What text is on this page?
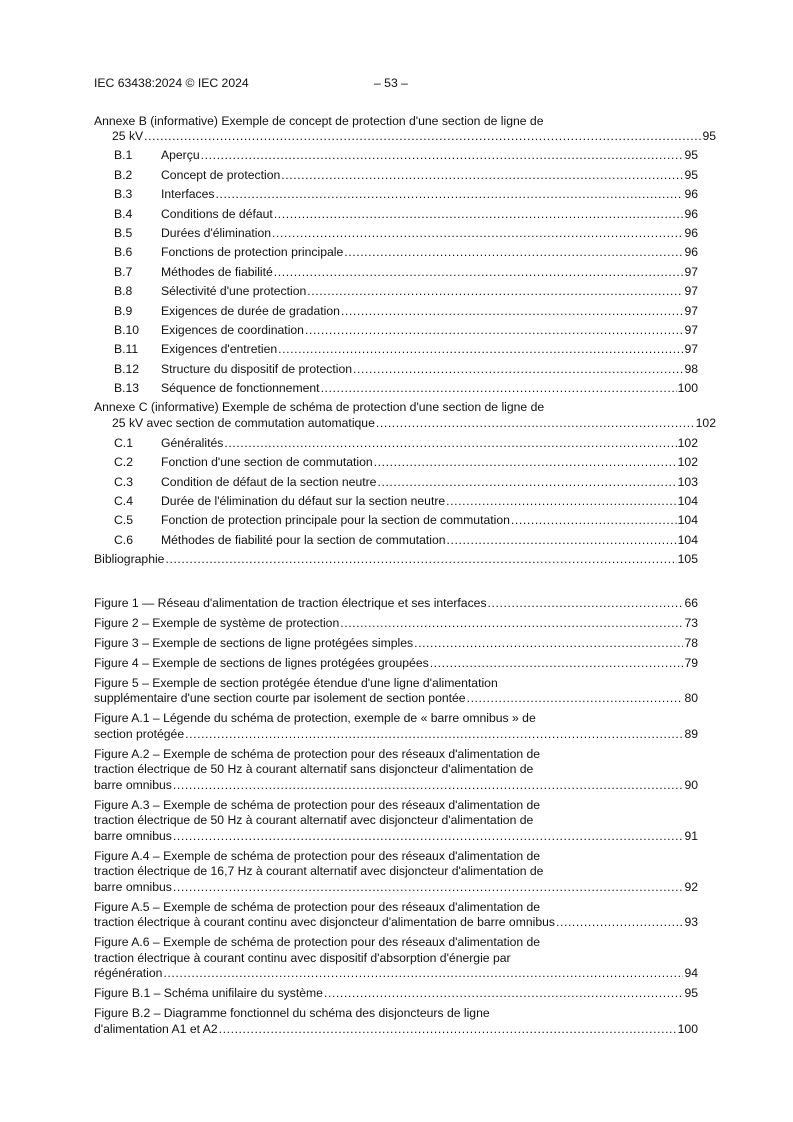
IEC 63438:2024 © IEC 2024	– 53 –
Annexe B (informative) Exemple de concept de protection d'une section de ligne de
25 kV .....	95
B.1	Aperçu .....	95
B.2	Concept de protection .....	95
B.3	Interfaces .....	96
B.4	Conditions de défaut .....	96
B.5	Durées d'élimination .....	96
B.6	Fonctions de protection principale .....	96
B.7	Méthodes de fiabilité .....	97
B.8	Sélectivité d'une protection .....	97
B.9	Exigences de durée de gradation .....	97
B.10	Exigences de coordination .....	97
B.11	Exigences d'entretien .....	97
B.12	Structure du dispositif de protection .....	98
B.13	Séquence de fonctionnement .....	100
Annexe C (informative) Exemple de schéma de protection d'une section de ligne de
25 kV avec section de commutation automatique .....	102
C.1	Généralités .....	102
C.2	Fonction d'une section de commutation .....	102
C.3	Condition de défaut de la section neutre .....	103
C.4	Durée de l'élimination du défaut sur la section neutre .....	104
C.5	Fonction de protection principale pour la section de commutation .....	104
C.6	Méthodes de fiabilité pour la section de commutation .....	104
Bibliographie .....	105
Figure 1 — Réseau d'alimentation de traction électrique et ses interfaces .....	66
Figure 2 – Exemple de système de protection .....	73
Figure 3 – Exemple de sections de ligne protégées simples .....	78
Figure 4 – Exemple de sections de lignes protégées groupées .....	79
Figure 5 – Exemple de section protégée étendue d'une ligne d'alimentation
supplémentaire d'une section courte par isolement de section pontée .....	80
Figure A.1 – Légende du schéma de protection, exemple de « barre omnibus » de
section protégée .....	89
Figure A.2 – Exemple de schéma de protection pour des réseaux d'alimentation de
traction électrique de 50 Hz à courant alternatif sans disjoncteur d'alimentation de
barre omnibus .....	90
Figure A.3 – Exemple de schéma de protection pour des réseaux d'alimentation de
traction électrique de 50 Hz à courant alternatif avec disjoncteur d'alimentation de
barre omnibus .....	91
Figure A.4 – Exemple de schéma de protection pour des réseaux d'alimentation de
traction électrique de 16,7 Hz à courant alternatif avec disjoncteur d'alimentation de
barre omnibus .....	92
Figure A.5 – Exemple de schéma de protection pour des réseaux d'alimentation de
traction électrique à courant continu avec disjoncteur d'alimentation de barre omnibus .....	93
Figure A.6 – Exemple de schéma de protection pour des réseaux d'alimentation de
traction électrique à courant continu avec dispositif d'absorption d'énergie par
régénération .....	94
Figure B.1 – Schéma unifilaire du système .....	95
Figure B.2 – Diagramme fonctionnel du schéma des disjoncteurs de ligne
d'alimentation A1 et A2 .....	100
